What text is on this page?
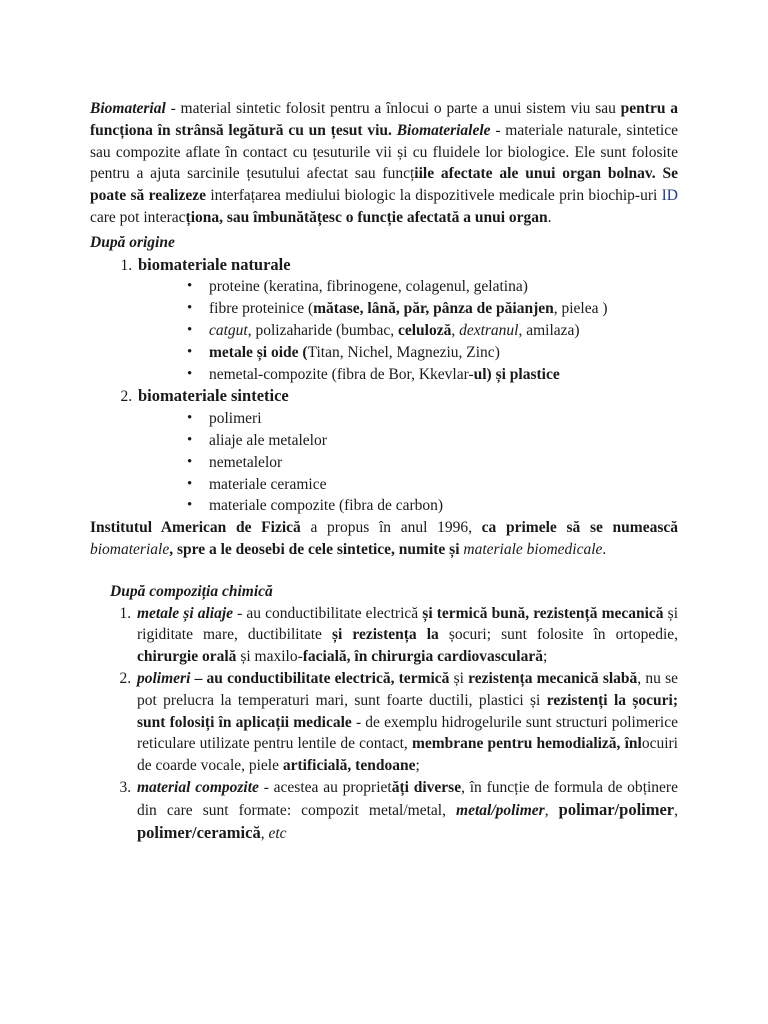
Biomaterial - material sintetic folosit pentru a înlocui o parte a unui sistem viu sau pentru a funcționa în strânsă legătură cu un țesut viu. Biomaterialele - materiale naturale, sintetice sau compozite aflate în contact cu țesuturile vii și cu fluidele lor biologice. Ele sunt folosite pentru a ajuta sarcinile țesutului afectat sau funcțiile afectate ale unui organ bolnav. Se poate să realizeze interfațarea mediului biologic la dispozitivele medicale prin biochip-uri ID care pot interacționa, sau îmbunătățesc o funcție afectată a unui organ.

După origine
1. biomateriale naturale
• proteine (keratina, fibrinogene, colagenul, gelatina)
• fibre proteinice (mătase, lână, păr, pânza de păianjen, pielea )
• catgut, polizaharide (bumbac, celuloză, dextranul, amilaza)
• metale și oide (Titan, Nichel, Magneziu, Zinc)
• nemetal-compozite (fibra de Bor, Kkevlar-ul) și plastice
2. biomateriale sintetice
• polimeri
• aliaje ale metalelor
• nemetalelor
• materiale ceramice
• materiale compozite (fibra de carbon)

Institutul American de Fizică a propus în anul 1996, ca primele să se numească biomateriale, spre a le deosebi de cele sintetice, numite și materiale biomedicale.

După compoziția chimică
1. metale și aliaje - au conductibilitate electrică și termică bună, rezistență mecanică și rigiditate mare, ductibilitate și rezistența la șocuri; sunt folosite în ortopedie, chirurgie orală și maxilo-facială, în chirurgia cardiovasculară;
2. polimeri – au conductibilitate electrică, termică și rezistența mecanică slabă, nu se pot prelucra la temperaturi mari, sunt foarte ductili, plastici și rezistenți la șocuri; sunt folosiți în aplicații medicale - de exemplu hidrogelurile sunt structuri polimerice reticulare utilizate pentru lentile de contact, membrane pentru hemodializă, înlocuiri de coarde vocale, piele artificială, tendoane;
3. material compozite - acestea au proprietăți diverse, în funcție de formula de obținere din care sunt formate: compozit metal/metal, metal/polimer, polimar/polimer, polimer/ceramică, etc
